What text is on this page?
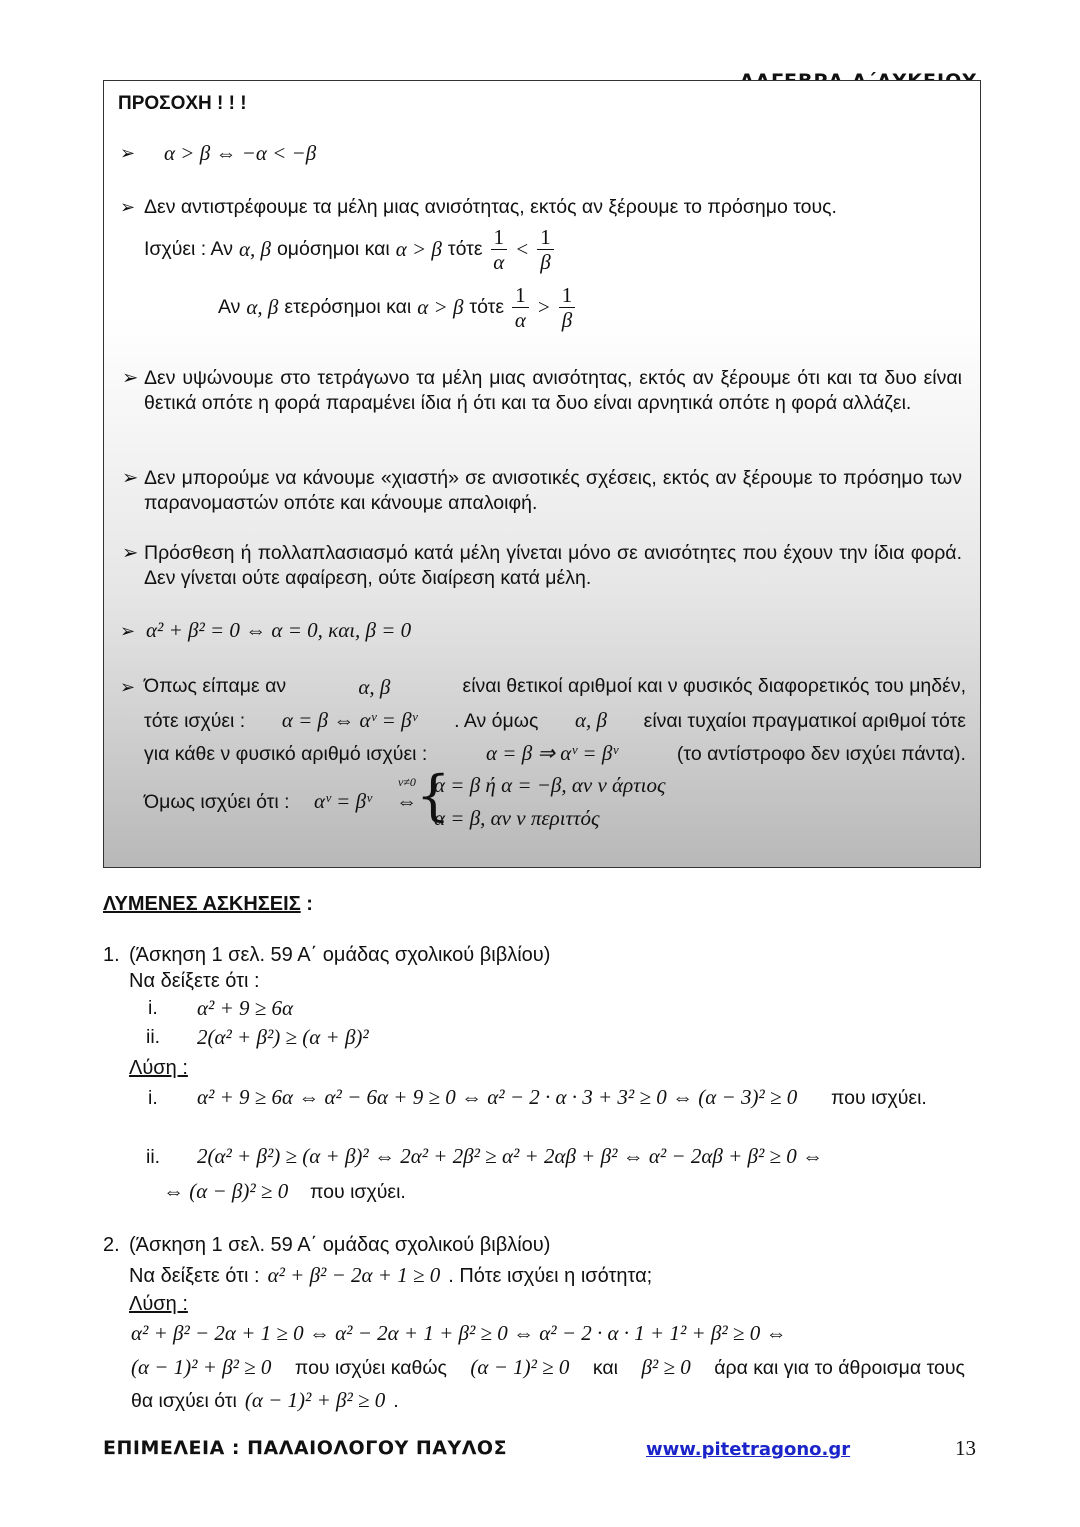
ΠΡΟΣΟΧΗ ! ! !
➢ α > β ⇔ −α < −β
➢ Δεν αντιστρέφουμε τα μέλη μιας ανισότητας, εκτός αν ξέρουμε το πρόσημο τους.
Ισχύει : Αν α, β ομόσημοι και α > β τότε $\frac{1}{\alpha} < \frac{1}{\beta}$
Αν α, β ετερόσημοι και α > β τότε $\frac{1}{\alpha} > \frac{1}{\beta}$
➢ Δεν υψώνουμε στο τετράγωνο τα μέλη μιας ανισότητας, εκτός αν ξέρουμε ότι και τα δυο είναι θετικά οπότε η φορά παραμένει ίδια ή ότι και τα δυο είναι αρνητικά οπότε η φορά αλλάζει.
➢ Δεν μπορούμε να κάνουμε «χιαστή» σε ανισοτικές σχέσεις, εκτός αν ξέρουμε το πρόσημο των παρανομαστών οπότε και κάνουμε απαλοιφή.
➢ Πρόσθεση ή πολλαπλασιασμό κατά μέλη γίνεται μόνο σε ανισότητες που έχουν την ίδια φορά. Δεν γίνεται ούτε αφαίρεση, ούτε διαίρεση κατά μέλη.
➢ α² + β² = 0 ⇔ α = 0, και, β = 0
➢ Όπως είπαμε αν	α, β	είναι θετικοί αριθμοί και ν φυσικός διαφορετικός του μηδέν,
τότε ισχύει : α = β ⇔ αᵛ = βᵛ . Αν όμως α, β είναι τυχαίοι πραγματικοί αριθμοί τότε
για κάθε ν φυσικό αριθμό ισχύει :	α = β ⇒ αᵛ = βᵛ	(το αντίστροφο δεν ισχύει πάντα).
Όμως ισχύει ότι : αᵛ = βᵛ
ν≠0
⇔ {
α = β ή α = −β, αν ν άρτιος
α = β, αν ν περιττός
ΛΥΜΕΝΕΣ ΑΣΚΗΣΕΙΣ :
1. (Άσκηση 1 σελ. 59 Α΄ ομάδας σχολικού βιβλίου)
Να δείξετε ότι :
i. α² + 9 ≥ 6α
ii. 2(α² + β²) ≥ (α + β)²
Λύση :
i. α² + 9 ≥ 6α ⇔ α² − 6α + 9 ≥ 0 ⇔ α² − 2 · α · 3 + 3² ≥ 0 ⇔ (α − 3)² ≥ 0 που ισχύει.
ii. 2(α² + β²) ≥ (α + β)² ⇔ 2α² + 2β² ≥ α² + 2αβ + β² ⇔ α² − 2αβ + β² ≥ 0 ⇔
⇔ (α − β)² ≥ 0 που ισχύει.
2. (Άσκηση 1 σελ. 59 Α΄ ομάδας σχολικού βιβλίου)
Να δείξετε ότι : α² + β² − 2α + 1 ≥ 0 . Πότε ισχύει η ισότητα;
Λύση :
α² + β² − 2α + 1 ≥ 0 ⇔ α² − 2α + 1 + β² ≥ 0 ⇔ α² − 2 · α · 1 + 1² + β² ≥ 0 ⇔
(α − 1)² + β² ≥ 0 που ισχύει καθώς (α − 1)² ≥ 0 και β² ≥ 0 άρα και για το άθροισμα τους
θα ισχύει ότι (α − 1)² + β² ≥ 0 .
ΕΠΙΜΕΛΕΙΑ : ΠΑΛΑΙΟΛΟΓΟΥ ΠΑΥΛΟΣ	www.pitetragono.gr	13
